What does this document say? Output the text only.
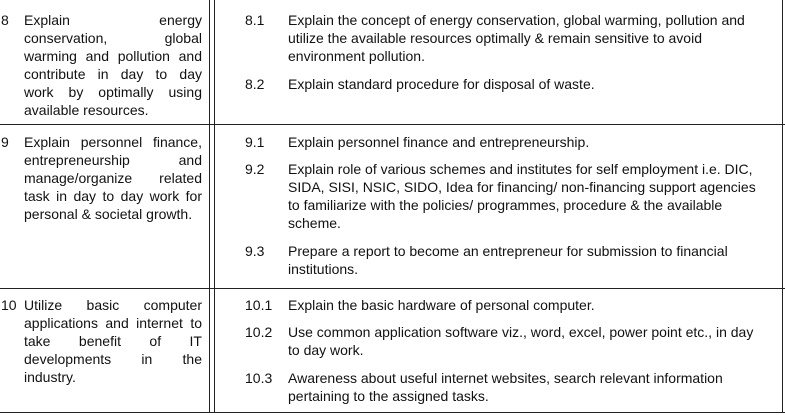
8 Explain energy conservation, global warming and pollution and contribute in day to day work by optimally using available resources.
8.1	Explain the concept of energy conservation, global warming, pollution and utilize the available resources optimally & remain sensitive to avoid environment pollution.
8.2	Explain standard procedure for disposal of waste.
9 Explain personnel finance, entrepreneurship and manage/organize related task in day to day work for personal & societal growth.
9.1	Explain personnel finance and entrepreneurship.
9.2	Explain role of various schemes and institutes for self employment i.e. DIC, SIDA, SISI, NSIC, SIDO, Idea for financing/ non-financing support agencies to familiarize with the policies/ programmes, procedure & the available scheme.
9.3	Prepare a report to become an entrepreneur for submission to financial institutions.
10 Utilize basic computer applications and internet to take benefit of IT developments in the industry.
10.1	Explain the basic hardware of personal computer.
10.2	Use common application software viz., word, excel, power point etc., in day to day work.
10.3	Awareness about useful internet websites, search relevant information pertaining to the assigned tasks.
